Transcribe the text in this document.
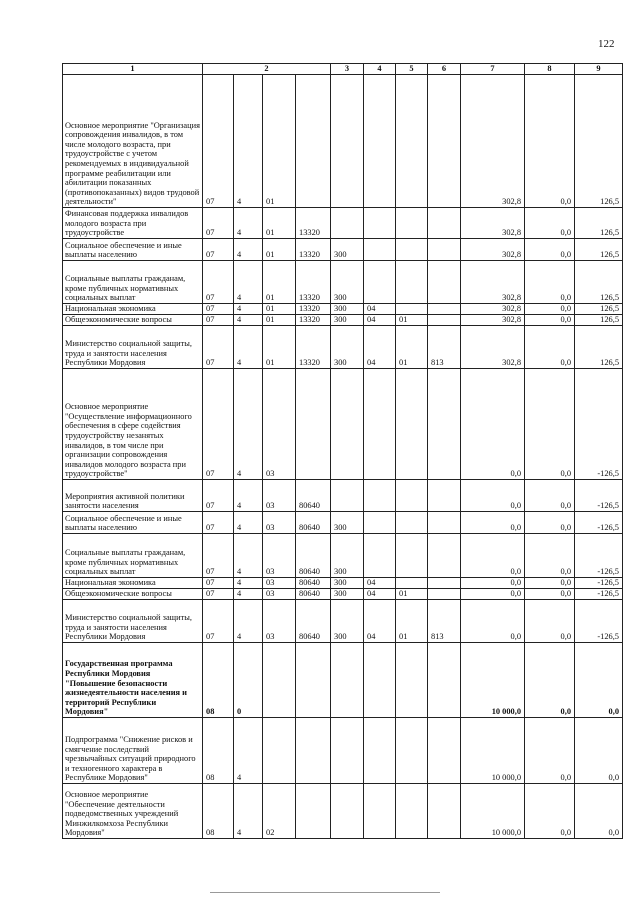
122
1	2				3	4	5	6	7	8	9
Основное мероприятие "Организация сопровождения инвалидов, в том числе молодого возраста, при трудоустройстве с учетом рекомендуемых в индивидуальной программе реабилитации или абилитации показанных (противопоказанных) видов трудовой деятельности"	07	4	01						302,8	0,0	126,5
Финансовая поддержка инвалидов молодого возраста при трудоустройстве	07	4	01	13320					302,8	0,0	126,5
Социальное обеспечение и иные выплаты населению	07	4	01	13320	300				302,8	0,0	126,5
Социальные выплаты гражданам, кроме публичных нормативных социальных выплат	07	4	01	13320	300				302,8	0,0	126,5
Национальная экономика	07	4	01	13320	300	04			302,8	0,0	126,5
Общеэкономические вопросы	07	4	01	13320	300	04	01		302,8	0,0	126,5
Министерство социальной защиты, труда и занятости населения Республики Мордовия	07	4	01	13320	300	04	01	813	302,8	0,0	126,5
Основное мероприятие "Осуществление информационного обеспечения в сфере содействия трудоустройству незанятых инвалидов, в том числе при организации сопровождения инвалидов молодого возраста при трудоустройстве"	07	4	03						0,0	0,0	-126,5
Мероприятия активной политики занятости населения	07	4	03	80640					0,0	0,0	-126,5
Социальное обеспечение и иные выплаты населению	07	4	03	80640	300				0,0	0,0	-126,5
Социальные выплаты гражданам, кроме публичных нормативных социальных выплат	07	4	03	80640	300				0,0	0,0	-126,5
Национальная экономика	07	4	03	80640	300	04			0,0	0,0	-126,5
Общеэкономические вопросы	07	4	03	80640	300	04	01		0,0	0,0	-126,5
Министерство социальной защиты, труда и занятости населения Республики Мордовия	07	4	03	80640	300	04	01	813	0,0	0,0	-126,5
Государственная программа Республики Мордовия "Повышение безопасности жизнедеятельности населения и территорий Республики Мордовия"	08	0							10 000,0	0,0	0,0
Подпрограмма "Снижение рисков и смягчение последствий чрезвычайных ситуаций природного и техногенного характера в Республике Мордовия"	08	4							10 000,0	0,0	0,0
Основное мероприятие "Обеспечение деятельности подведомственных учреждений Минжилкомхоза Республики Мордовия"	08	4	02						10 000,0	0,0	0,0
